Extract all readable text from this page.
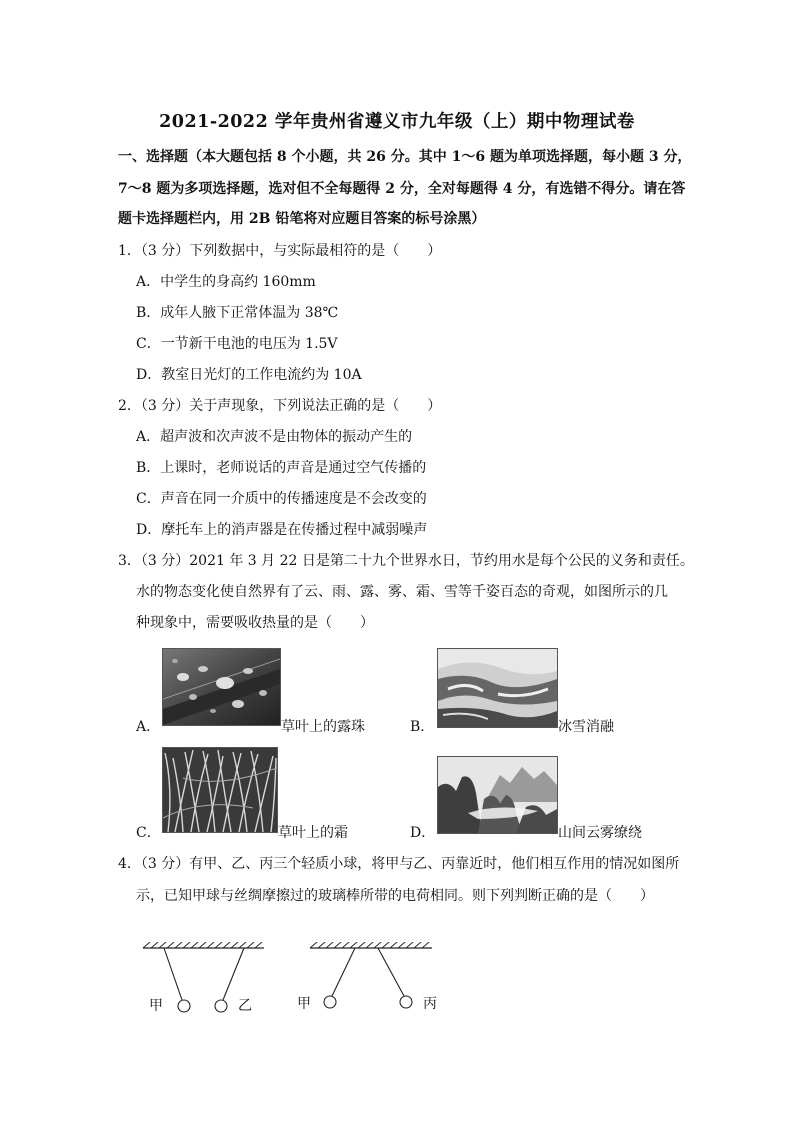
2021-2022 学年贵州省遵义市九年级（上）期中物理试卷
一、选择题（本大题包括 8 个小题，共 26 分。其中 1～6 题为单项选择题，每小题 3 分，
7～8 题为多项选择题，选对但不全每题得 2 分，全对每题得 4 分，有选错不得分。请在答
题卡选择题栏内，用 2B 铅笔将对应题目答案的标号涂黑）
1．（3 分）下列数据中，与实际最相符的是（　　）
A．中学生的身高约 160mm
B．成年人腋下正常体温为 38℃
C．一节新干电池的电压为 1.5V
D．教室日光灯的工作电流约为 10A
2．（3 分）关于声现象，下列说法正确的是（　　）
A．超声波和次声波不是由物体的振动产生的
B．上课时，老师说话的声音是通过空气传播的
C．声音在同一介质中的传播速度是不会改变的
D．摩托车上的消声器是在传播过程中减弱噪声
3．（3 分）2021 年 3 月 22 日是第二十九个世界水日，节约用水是每个公民的义务和责任。
水的物态变化使自然界有了云、雨、露、雾、霜、雪等千姿百态的奇观，如图所示的几
种现象中，需要吸收热量的是（　　）
A．	草叶上的露珠	B．	冰雪消融
C．	草叶上的霜	D．	山间云雾缭绕
4．（3 分）有甲、乙、丙三个轻质小球，将甲与乙、丙靠近时，他们相互作用的情况如图所
示，已知甲球与丝绸摩擦过的玻璃棒所带的电荷相同。则下列判断正确的是（　　）
甲	乙	甲	丙
